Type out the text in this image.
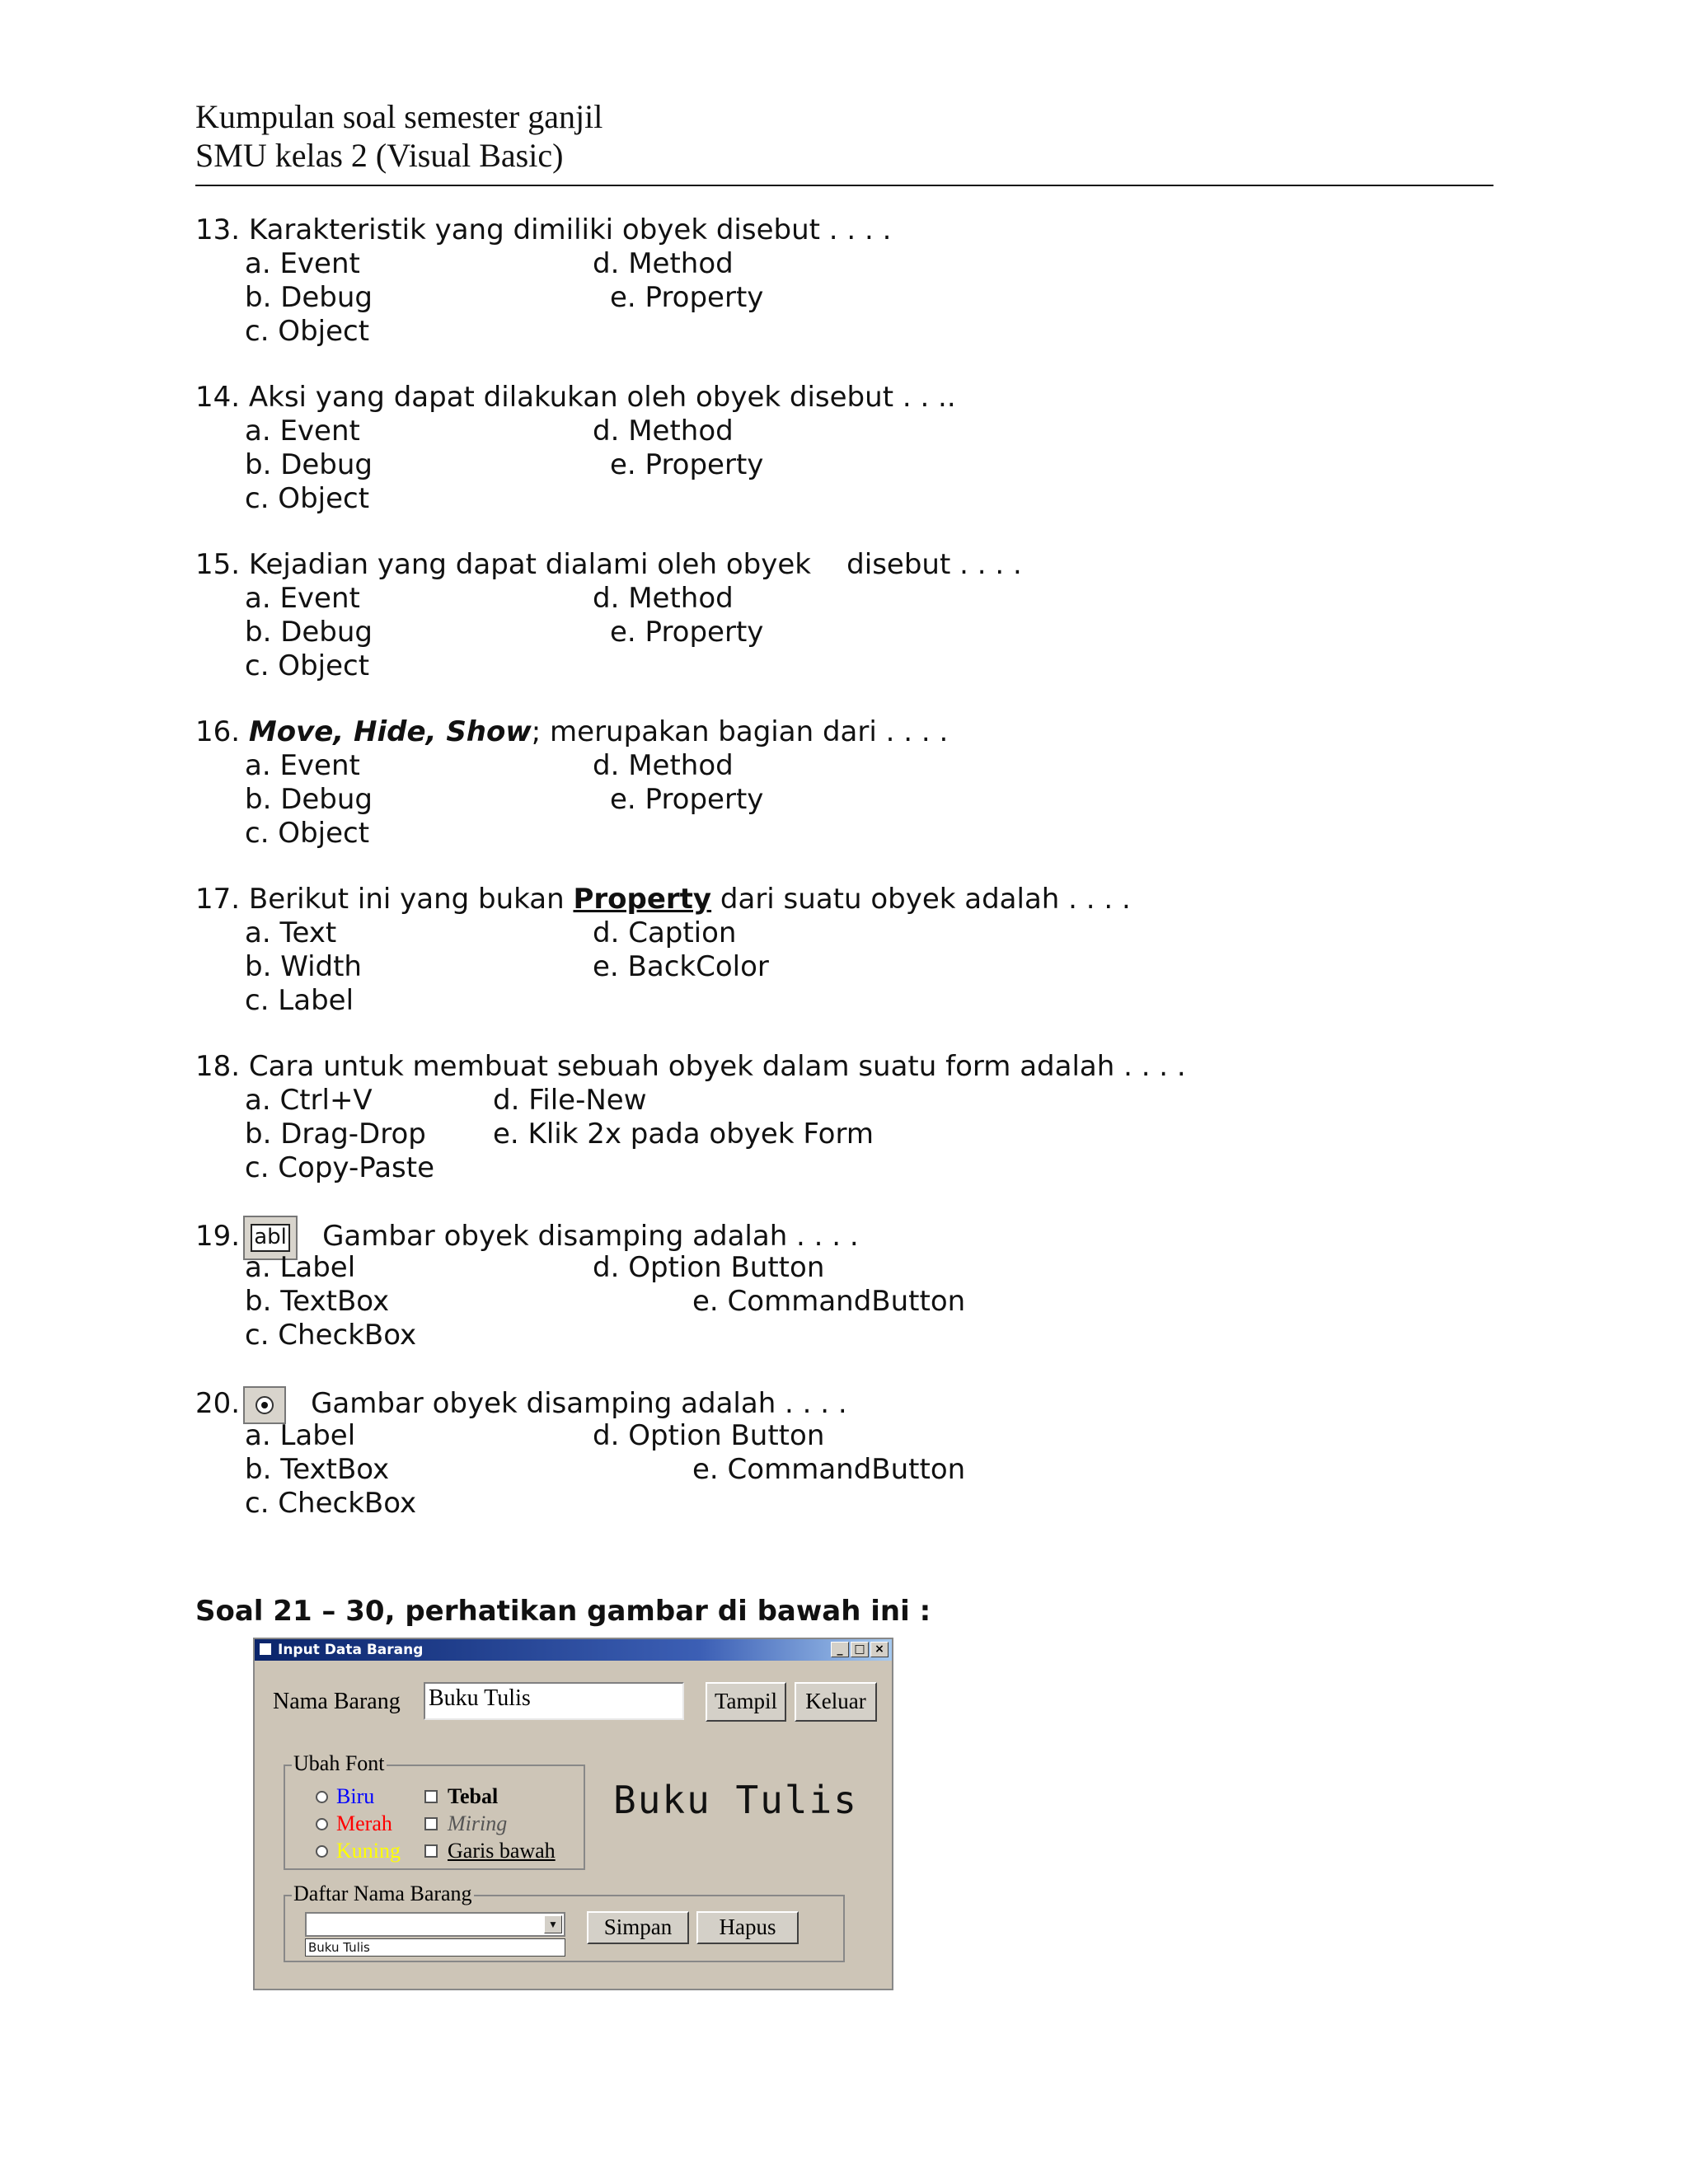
Kumpulan soal semester ganjil
SMU kelas 2 (Visual Basic)
13. Karakteristik yang dimiliki obyek disebut . . . .
a. Event
b. Debug
c. Object
d. Method
e. Property
14. Aksi yang dapat dilakukan oleh obyek disebut . . ..
a. Event
b. Debug
c. Object
d. Method
e. Property
15. Kejadian yang dapat dialami oleh obyek    disebut . . . .
a. Event
b. Debug
c. Object
d. Method
e. Property
16. Move, Hide, Show; merupakan bagian dari . . . .
a. Event
b. Debug
c. Object
d. Method
e. Property
17. Berikut ini yang bukan Property dari suatu obyek adalah . . . .
a. Text
b. Width
c. Label
d. Caption
e. BackColor
18. Cara untuk membuat sebuah obyek dalam suatu form adalah . . . .
a. Ctrl+V
b. Drag-Drop
c. Copy-Paste
d. File-New
e. Klik 2x pada obyek Form
19. abl Gambar obyek disamping adalah . . . .
a. Label
b. TextBox
c. CheckBox
d. Option Button
e. CommandButton
20.	Gambar obyek disamping adalah . . . .
a. Label
b. TextBox
c. CheckBox
d. Option Button
e. CommandButton
Soal 21 – 30, perhatikan gambar di bawah ini :
Input Data Barang	_ □ ×
Nama Barang Buku Tulis	Tampil	Keluar
Ubah Font
Biru
Merah
Kuning
Tebal
Miring
Garis bawah
Buku Tulis
Daftar Nama Barang
▼
Buku Tulis
Simpan	Hapus
